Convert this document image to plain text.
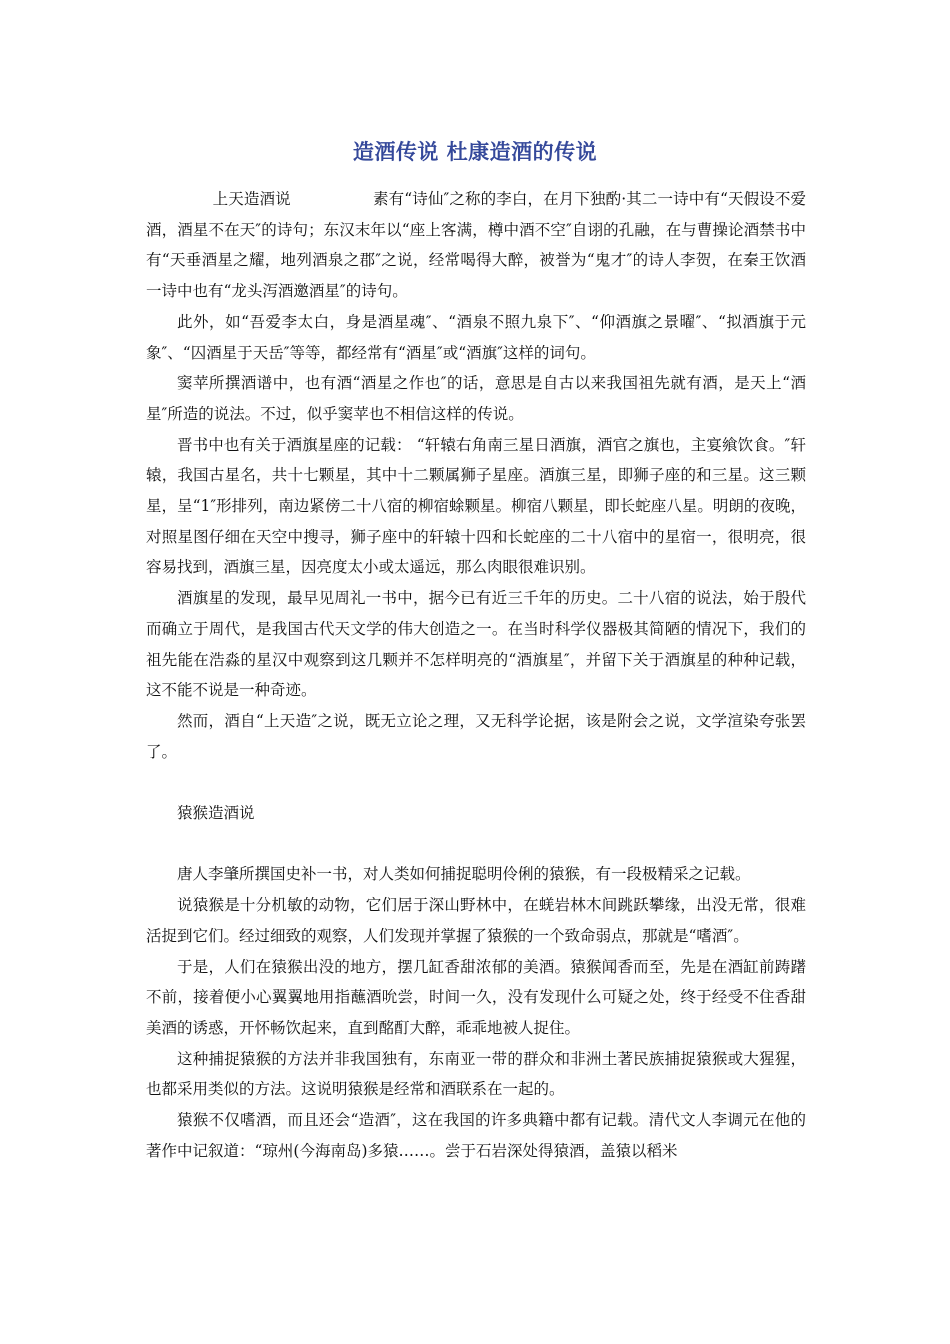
造酒传说 杜康造酒的传说

上天造酒说	素有“诗仙″之称的李白，在月下独酌·其二一诗中有“天假设不爱酒，酒星不在天″的诗句；东汉末年以“座上客满，樽中酒不空″自诩的孔融，在与曹操论酒禁书中有“天垂酒星之耀，地列酒泉之郡″之说，经常喝得大醉，被誉为“鬼才″的诗人李贺，在秦王饮酒一诗中也有“龙头泻酒邀酒星″的诗句。

此外，如“吾爱李太白，身是酒星魂″、“酒泉不照九泉下″、“仰酒旗之景曜″、“拟酒旗于元象″、“囚酒星于天岳″等等，都经常有“酒星″或“酒旗″这样的词句。

窦苹所撰酒谱中，也有酒“酒星之作也″的话，意思是自古以来我国祖先就有酒，是天上“酒星″所造的说法。不过，似乎窦苹也不相信这样的传说。

晋书中也有关于酒旗星座的记载： “轩辕右角南三星日酒旗，酒官之旗也，主宴飨饮食。″轩辕，我国古星名，共十七颗星，其中十二颗属狮子星座。酒旗三星，即狮子座的和三星。这三颗星，呈“1″形排列，南边紧傍二十八宿的柳宿蜍颗星。柳宿八颗星，即长蛇座八星。明朗的夜晚，对照星图仔细在天空中搜寻，狮子座中的轩辕十四和长蛇座的二十八宿中的星宿一，很明亮，很容易找到，酒旗三星，因亮度太小或太遥远，那么肉眼很难识别。

酒旗星的发现，最早见周礼一书中，据今已有近三千年的历史。二十八宿的说法，始于殷代而确立于周代，是我国古代天文学的伟大创造之一。在当时科学仪器极其简陋的情况下，我们的祖先能在浩淼的星汉中观察到这几颗并不怎样明亮的“酒旗星″，并留下关于酒旗星的种种记载，这不能不说是一种奇迹。

然而，酒自“上天造″之说，既无立论之理，又无科学论据，该是附会之说，文学渲染夸张罢了。

猿猴造酒说

唐人李肇所撰国史补一书，对人类如何捕捉聪明伶俐的猿猴，有一段极精采之记载。

说猿猴是十分机敏的动物，它们居于深山野林中，在蜣岩林木间跳跃攀缘，出没无常，很难活捉到它们。经过细致的观察，人们发现并掌握了猿猴的一个致命弱点，那就是“嗜酒″。

于是，人们在猿猴出没的地方，摆几缸香甜浓郁的美酒。猿猴闻香而至，先是在酒缸前踌躇不前，接着便小心翼翼地用指蘸酒吮尝，时间一久，没有发现什么可疑之处，终于经受不住香甜美酒的诱惑，开怀畅饮起来，直到酩酊大醉，乖乖地被人捉住。

这种捕捉猿猴的方法并非我国独有，东南亚一带的群众和非洲土著民族捕捉猿猴或大猩猩，也都采用类似的方法。这说明猿猴是经常和酒联系在一起的。

猿猴不仅嗜酒，而且还会“造酒″，这在我国的许多典籍中都有记载。清代文人李调元在他的著作中记叙道：“琼州(今海南岛)多猿……。尝于石岩深处得猿酒，盖猿以稻米
